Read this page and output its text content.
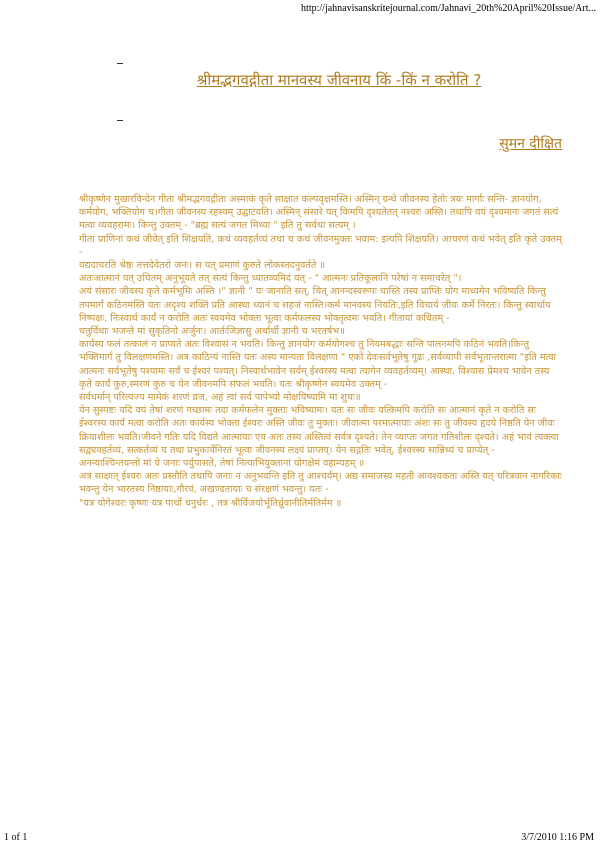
http://jahnavisanskritejournal.com/Jahnavi_20th%20April%20Issue/Art...
श्रीमद्भगवद्गीता मानवस्य जीवनाय किं -किं न करोति ?
सुमन दीक्षित

श्रीकृष्णेन मुखारविन्देन गीता श्रीमद्भगवद्गीता अस्माकं कृते साक्षात कल्पवृक्षमस्ति। अस्मिन् ग्रन्थे जीवनस्य हेतोः त्रयः मार्गाः सन्ति- ज्ञानयोग, कर्मयोग, भक्तियोग च।गीता जीवनस्य रहस्यम् उद्घाटयति। अस्मिन् संसारे यत् किमपि दृश्यतेतत् नश्वरः अस्ति। तथापि वयं दृश्यमानः जगतं सत्यं मत्वा व्यवहरामः। किन्तु उक्तम् - "ब्रह्म सत्यं जगत मिथ्या " इति तु सर्वथा सत्यम् ।

गीता प्राणिनां कथं जीवेत् इति शिक्षयति, कथं व्यवहर्तव्यं तथा च कथं जीवनमुक्तः भवाम: इत्यपि शिक्षयति। आचरणं कथं भवेत् इति कृते उक्तम् -

यद्यदाचरति श्रेष्ठः तत्तदेवेतरो जनः। स यत् प्रमाणं कुरुते लोकस्तदनुवर्तते ॥

अतःआत्मानं यत् उचितम् अनुभूयते तत् सत्यं किन्तु ध्यातव्यमिदं यत् - " आत्मनः प्रतिकूलानि परेषां न समाचरेत् "।

अयं संसारः जीवस्य कृते कर्मभूमिः अस्ति ।" ज्ञानी " यः जानाति सत्, चित् आनन्दस्वरूपः चास्ति तस्य प्राप्तिः योग माध्यमेन भविष्यति किन्तु तपमार्गं कठिनमस्ति यतः अदृश्य शक्तिं प्रति आस्था ध्यानं च सहजं नास्ति।कर्म मानवस्य नियतिः,इति विचार्य जीवः कर्मे निरतः। किन्तु स्वार्थाय निष्पक्षः, निःस्वार्थ कार्यं न करोति अतः स्वयमेव भोक्ता भूत्वा कर्मफलस्य भोक्तृत्वमः भवति। गीतायां कथितम् -

चतुर्विधाः भजन्ते मां सुकृतिनो अर्जुनः। आर्तःजिज्ञासु अर्थार्थी ज्ञानी च भरतर्षभ॥

कार्यस्य फलं तत्कालं न प्राप्यते अतः विश्वासं न भवति। किन्तु ज्ञानयोग कर्मयोगश्च तु नियमबद्धाः सन्ति पालनमपि कठिनं भवति।किन्तु भक्तिमार्गं तु विलक्षणमस्ति। अत्र काठिन्यं नास्ति यतः अस्य मान्यता विलक्षणा " एको देवःसर्वभूतेषु गूढः ,सर्वव्यापी सर्वभूतान्तरात्मा "इति मत्वा आत्मनः सर्वभूतेषु पश्यामः सर्वं च ईश्वरं पश्यत्। निस्वार्थभावेन सर्वम् ईश्वरस्य मत्वा त्यागेन व्यवहर्तव्यम्। आस्था, विश्वास प्रेमश्च भावेन तस्य कृते कार्यं कुरु,स्मरणं कुरु च येन जीवनमपि सफलं भवति। यतः श्रीकृष्णेन स्वयमेव उक्तम् -

सर्वधर्मान् परित्यज्य मामेकं शरणं व्रज, अहं त्वां सर्व पापेभ्यो मोक्षयिष्यामि मा शुचः॥

येन सुस्पष्टः यदि वयं तेषां शरणं गच्छामः तदा कर्मफलेन मुक्ताः भविष्यामः। यतः सः जीवः यत्किमपि करोति सः आत्मानं कृते न करोति सः ईश्वरस्य कार्यं मत्वा करोति अतः कार्यस्य भोक्ता ईश्वरः अस्ति जीवः तु मुक्तः। जीवात्मा परमात्मायाः अंशः सः तु जीवस्य हृदये निष्ठति येन जीवः क्रियाशीलः भवति।जीवने गतिः यदि विद्यते आत्मायाः एव अतः तस्य अस्तित्वं सर्वत्र दृश्यते। तेन व्याप्तः जगत गतिशीलः दृश्यते। अहं भावं त्यक्त्वा सद्व्यवहर्तव्यं, सत्कर्तव्यं च तथा प्रभुकार्येनिरतं भूत्वा जीवनस्य लक्ष्यं प्राप्तव्। येन सद्गतिः भवेत्, ईश्वरस्य सान्निध्यं च प्राप्येत् -

अनन्याश्चिन्तयन्तो मां ये जनाः पर्युपासते, तेषां नित्याभियुक्तानां योगक्षेमं वहाम्यहम् ॥

अत्र साक्षात् ईश्वरः अतः प्रस्तौति तथापि जनाः न अनुभवन्ति इति तु आश्चर्यम्। अद्य समाजस्य महती आवश्यकता अस्ति यत् चरित्रवान नागरिकाः भवन्तु येन भारतस्य निष्ठायाः,गौरवं, अखण्डतायाः च संरक्षणं भवन्तु। यतः -

"यत्र योगेश्वरः कृष्णः यत्र पार्थो धनुर्धरः , तत्र श्रीर्विजयोर्भूतिर्ध्रुवानीतिर्मतिर्मम ॥

1 of 1	3/7/2010 1:16 PM
